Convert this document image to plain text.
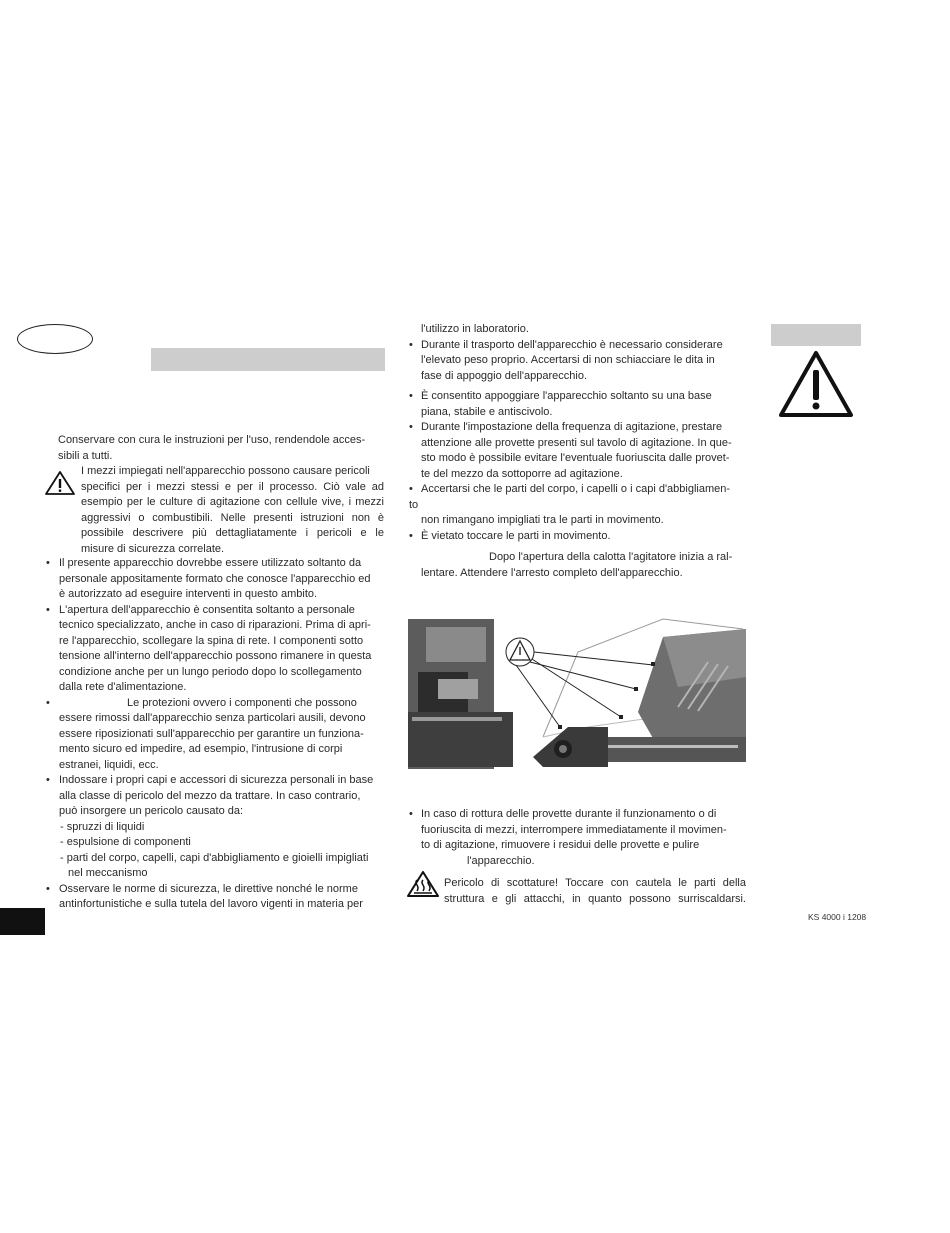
Conservare con cura le instruzioni per l'uso, rendendole acces-

sibili a tutti.

I mezzi impiegati nell'apparecchio possono causare pericoli

specifici per i mezzi stessi e per il processo. Ciò vale ad

esempio per le culture di agitazione con cellule vive, i mezzi

aggressivi o combustibili. Nelle presenti istruzioni non è

possibile descrivere più dettagliatamente i pericoli e le

misure di sicurezza correlate.

• Il presente apparecchio dovrebbe essere utilizzato soltanto da

personale appositamente formato che conosce l'apparecchio ed

è autorizzato ad eseguire interventi in questo ambito.

• L'apertura dell'apparecchio è consentita soltanto a personale

tecnico specializzato, anche in caso di riparazioni. Prima di apri-

re l'apparecchio, scollegare la spina di rete. I componenti sotto

tensione all'interno dell'apparecchio possono rimanere in questa

condizione anche per un lungo periodo dopo lo scollegamento

dalla rete d'alimentazione.

• Le protezioni ovvero i componenti che possono

essere rimossi dall'apparecchio senza particolari ausili, devono

essere riposizionati sull'apparecchio per garantire un funziona-

mento sicuro ed impedire, ad esempio, l'intrusione di corpi

estranei, liquidi, ecc.

• Indossare i propri capi e accessori di sicurezza personali in base

alla classe di pericolo del mezzo da trattare. In caso contrario,

può insorgere un pericolo causato da:

- spruzzi di liquidi

- espulsione di componenti

- parti del corpo, capelli, capi d'abbigliamento e gioielli impigliati

nel meccanismo

• Osservare le norme di sicurezza, le direttive nonché le norme

antinfortunistiche e sulla tutela del lavoro vigenti in materia per

l'utilizzo in laboratorio.

• Durante il trasporto dell'apparecchio è necessario considerare

l'elevato peso proprio. Accertarsi di non schiacciare le dita in

fase di appoggio dell'apparecchio.

• È consentito appoggiare l'apparecchio soltanto su una base

piana, stabile e antiscivolo.

• Durante l'impostazione della frequenza di agitazione, prestare

attenzione alle provette presenti sul tavolo di agitazione. In que-

sto modo è possibile evitare l'eventuale fuoriuscita dalle provet-

te del mezzo da sottoporre ad agitazione.

• Accertarsi che le parti del corpo, i capelli o i capi d'abbigliamen-

to

non rimangano impigliati tra le parti in movimento.

• È vietato toccare le parti in movimento.

Dopo l'apertura della calotta l'agitatore inizia a ral-

lentare. Attendere l'arresto completo dell'apparecchio.

• In caso di rottura delle provette durante il funzionamento o di

fuoriuscita di mezzi, interrompere immediatamente il movimen-

to di agitazione, rimuovere i residui delle provette e pulire

l'apparecchio.

Pericolo di scottature! Toccare con cautela le parti della

struttura e gli attacchi, in quanto possono surriscaldarsi.

KS 4000 i 1208
